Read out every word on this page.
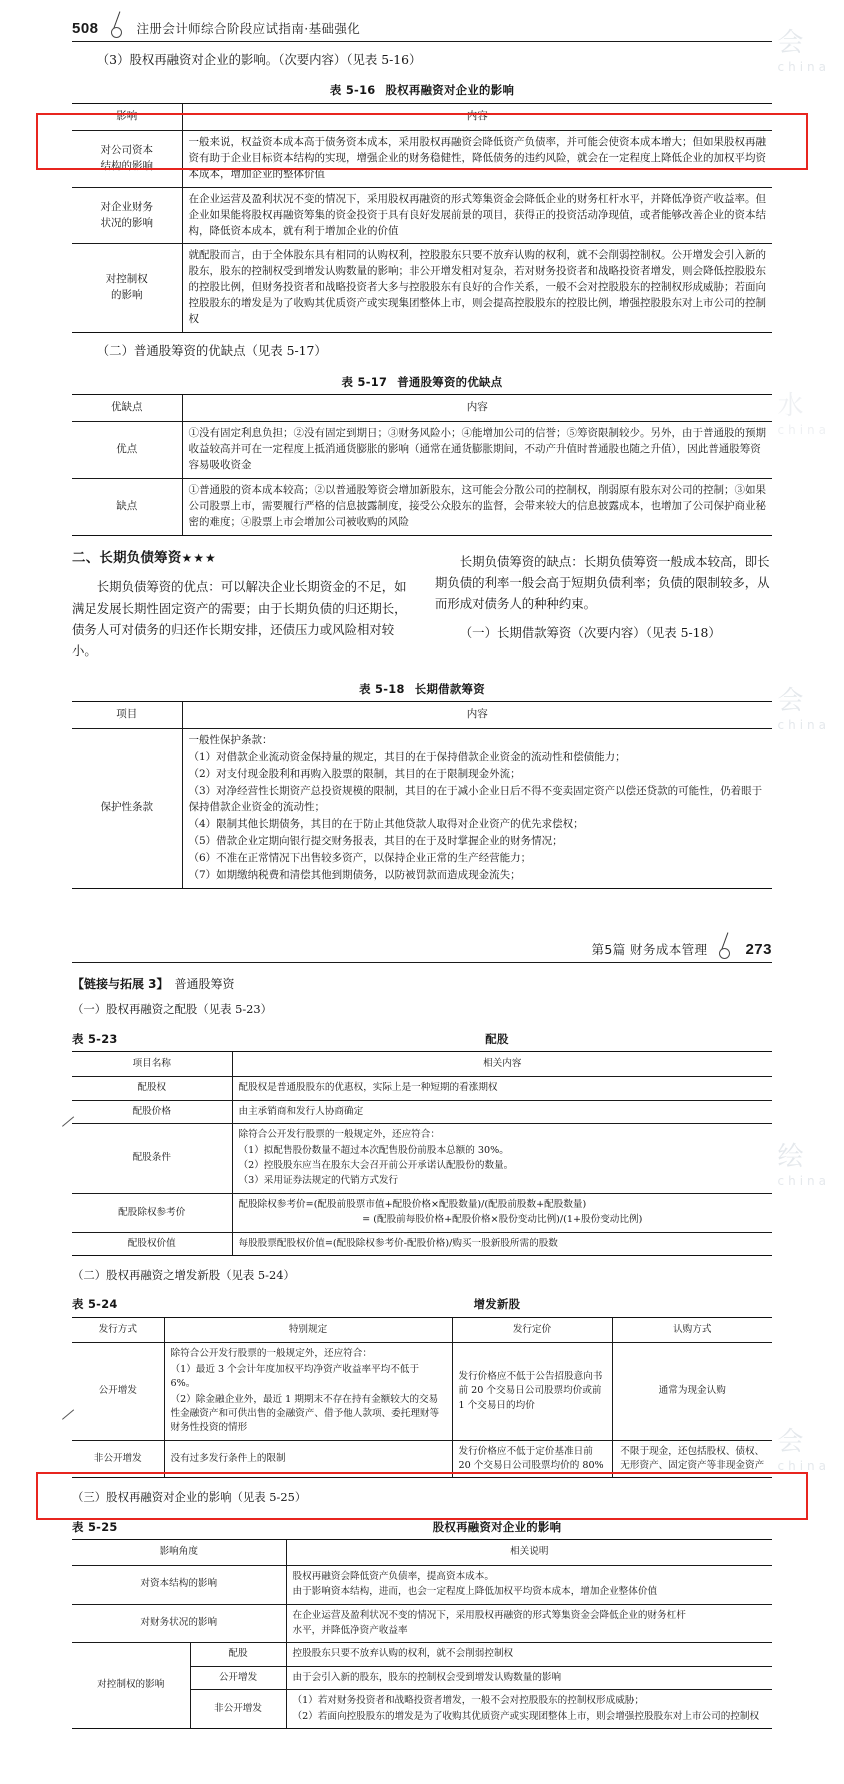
会
china
水
china
会
china
508	注册会计师综合阶段应试指南·基础强化

（3）股权再融资对企业的影响。（次要内容）（见表 5-16）

表 5-16 股权再融资对企业的影响
影响	内容

对公司资本
结构的影响	一般来说，权益资本成本高于债务资本成本，采用股权再融资会降低资产负债率，并可能会使资本成本增大；但如果股权再融资有助于企业目标资本结构的实现，增强企业的财务稳健性，降低债务的违约风险，就会在一定程度上降低企业的加权平均资本成本，增加企业的整体价值

对企业财务
状况的影响	在企业运营及盈利状况不变的情况下，采用股权再融资的形式筹集资金会降低企业的财务杠杆水平，并降低净资产收益率。但企业如果能将股权再融资筹集的资金投资于具有良好发展前景的项目，获得正的投资活动净现值，或者能够改善企业的资本结构，降低资本成本，就有利于增加企业的价值

对控制权
的影响	就配股而言，由于全体股东具有相同的认购权利，控股股东只要不放弃认购的权利，就不会削弱控制权。公开增发会引入新的股东，股东的控制权受到增发认购数量的影响；非公开增发相对复杂，若对财务投资者和战略投资者增发，则会降低控股股东的控股比例，但财务投资者和战略投资者大多与控股股东有良好的合作关系，一般不会对控股股东的控制权形成威胁；若面向控股股东的增发是为了收购其优质资产或实现集团整体上市，则会提高控股股东的控股比例，增强控股股东对上市公司的控制权

（二）普通股筹资的优缺点（见表 5-17）

表 5-17 普通股筹资的优缺点
优缺点	内容
优点	①没有固定利息负担；②没有固定到期日；③财务风险小；④能增加公司的信誉；⑤筹资限制较少。另外，由于普通股的预期收益较高并可在一定程度上抵消通货膨胀的影响（通常在通货膨胀期间，不动产升值时普通股也随之升值），因此普通股筹资容易吸收资金
缺点	①普通股的资本成本较高；②以普通股筹资会增加新股东，这可能会分散公司的控制权，削弱原有股东对公司的控制；③如果公司股票上市，需要履行严格的信息披露制度，接受公众股东的监督，会带来较大的信息披露成本，也增加了公司保护商业秘密的难度；④股票上市会增加公司被收购的风险
二、长期负债筹资★★★

长期负债筹资的优点：可以解决企业长期资金的不足，如满足发展长期性固定资产的需要；由于长期负债的归还期长，债务人可对债务的归还作长期安排，还债压力或风险相对较小。

长期负债筹资的缺点：长期负债筹资一般成本较高，即长期负债的利率一般会高于短期负债利率；负债的限制较多，从而形成对债务人的种种约束。

（一）长期借款筹资（次要内容）（见表 5-18）

表 5-18 长期借款筹资
项目	内容
保护性条款	

一般性保护条款：

（1）对借款企业流动资金保持量的规定，其目的在于保持借款企业资金的流动性和偿债能力；

（2）对支付现金股利和再购入股票的限制，其目的在于限制现金外流；

（3）对净经营性长期资产总投资规模的限制，其目的在于减小企业日后不得不变卖固定资产以偿还贷款的可能性，仍着眼于保持借款企业资金的流动性；

（4）限制其他长期债务，其目的在于防止其他贷款人取得对企业资产的优先求偿权；

（5）借款企业定期向银行提交财务报表，其目的在于及时掌握企业的财务情况；

（6）不准在正常情况下出售较多资产，以保持企业正常的生产经营能力；

（7）如期缴纳税费和清偿其他到期债务，以防被罚款而造成现金流失；

绘
china
会
china
第5篇 财务成本管理	273
【链接与拓展 3】 普通股筹资
（一）股权再融资之配股（见表 5-23）
表 5-23	配股
项目名称	相关内容
配股权	配股权是普通股股东的优惠权，实际上是一种短期的看涨期权

配股价格	由主承销商和发行人协商确定

配股条件	除符合公开发行股票的一般规定外，还应符合：

（1）拟配售股份数量不超过本次配售股份前股本总额的 30%。

（2）控股股东应当在股东大会召开前公开承诺认配股份的数量。

（3）采用证券法规定的代销方式发行

配股除权参考价	配股除权参考价=(配股前股票市值+配股价格×配股数量)/(配股前股数+配股数量)

= (配股前每股价格+配股价格×股份变动比例)/(1+股份变动比例)

配股权价值	每股股票配股权价值=(配股除权参考价-配股价格)/购买一股新股所需的股数

（二）股权再融资之增发新股（见表 5-24）
表 5-24	增发新股
发行方式	特别规定	发行定价	认购方式
公开增发	除符合公开发行股票的一般规定外，还应符合：

（1）最近 3 个会计年度加权平均净资产收益率平均不低于 6%。

（2）除金融企业外，最近 1 期期末不存在持有金额较大的交易性金融资产和可供出售的金融资产、借予他人款项、委托理财等财务性投资的情形	发行价格应不低于公告招股意向书前 20 个交易日公司股票均价或前 1 个交易日的均价	通常为现金认购
非公开增发	没有过多发行条件上的限制	发行价格应不低于定价基准日前 20 个交易日公司股票均价的 80%	不限于现金，还包括股权、债权、无形资产、固定资产等非现金资产
（三）股权再融资对企业的影响（见表 5-25）
表 5-25	股权再融资对企业的影响
影响角度		相关说明
对资本结构的影响		股权再融资会降低资产负债率，提高资本成本。

由于影响资本结构，进而，也会一定程度上降低加权平均资本成本，增加企业整体价值

对财务状况的影响		在企业运营及盈利状况不变的情况下，采用股权再融资的形式筹集资金会降低企业的财务杠杆

水平，并降低净资产收益率

对控制权的影响	配股	控股股东只要不放弃认购的权利，就不会削弱控制权
	公开增发	由于会引入新的股东，股东的控制权会受到增发认购数量的影响
	非公开增发	（1）若对财务投资者和战略投资者增发，一般不会对控股股东的控制权形成威胁；

（2）若面向控股股东的增发是为了收购其优质资产或实现团整体上市，则会增强控股股东对上市公司的控制权
